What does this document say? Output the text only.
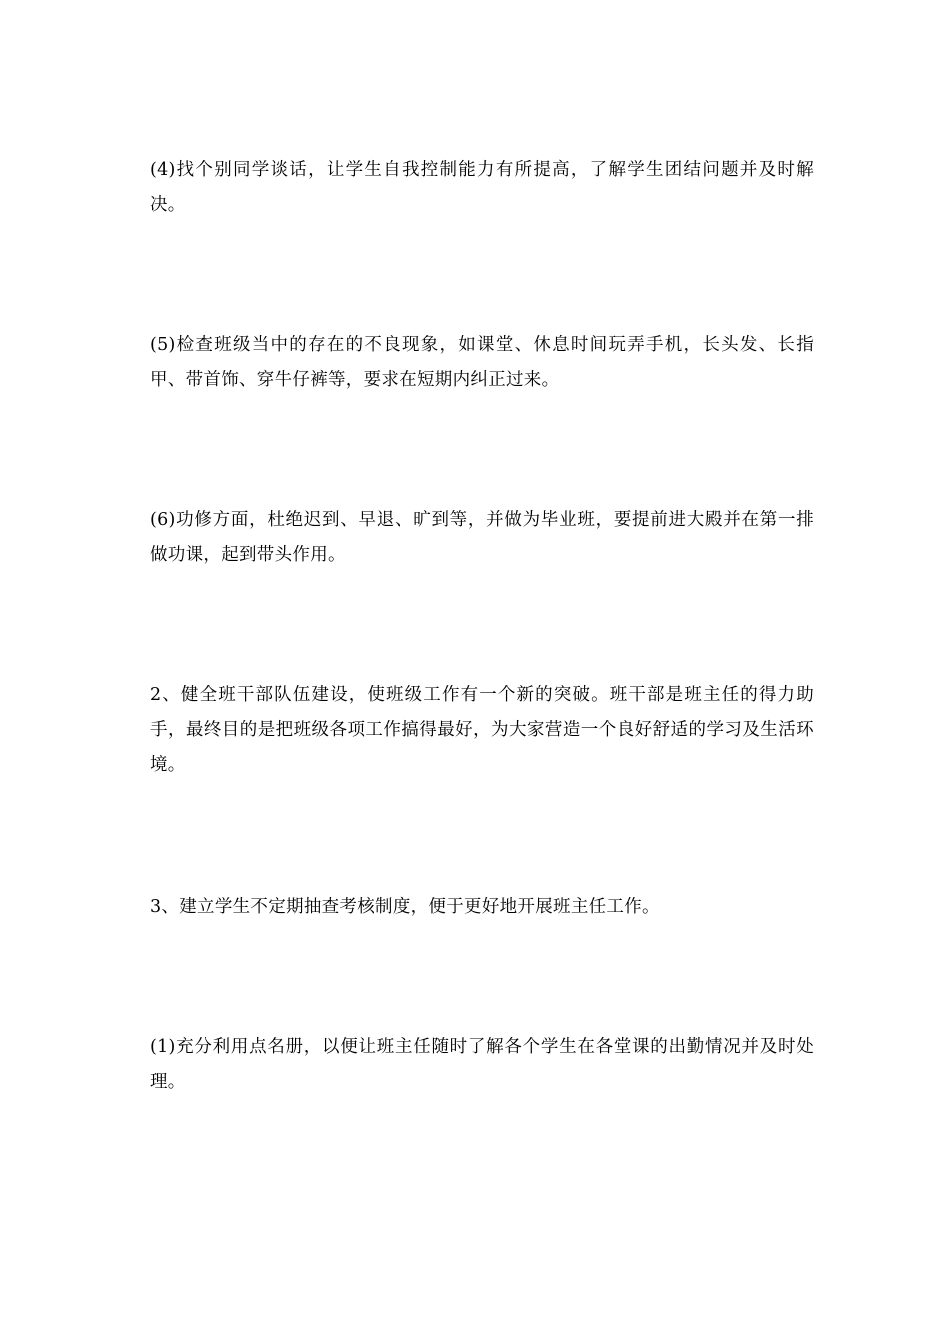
(4)找个别同学谈话，让学生自我控制能力有所提高，了解学生团结问题并及时解决。

(5)检查班级当中的存在的不良现象，如课堂、休息时间玩弄手机，长头发、长指甲、带首饰、穿牛仔裤等，要求在短期内纠正过来。

(6)功修方面，杜绝迟到、早退、旷到等，并做为毕业班，要提前进大殿并在第一排做功课，起到带头作用。

2、健全班干部队伍建设，使班级工作有一个新的突破。班干部是班主任的得力助手，最终目的是把班级各项工作搞得最好，为大家营造一个良好舒适的学习及生活环境。

3、建立学生不定期抽查考核制度，便于更好地开展班主任工作。

(1)充分利用点名册，以便让班主任随时了解各个学生在各堂课的出勤情况并及时处理。
